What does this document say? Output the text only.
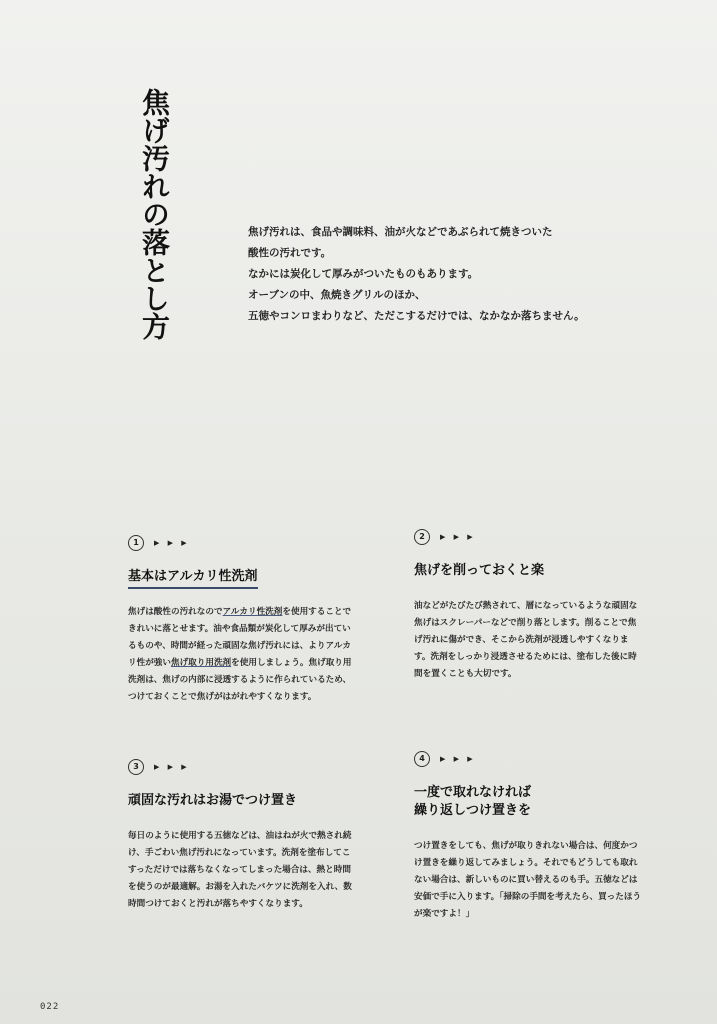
焦げ汚れの落とし方	焦げ汚れは、食品や調味料、油が火などであぶられて焼きついた

酸性の汚れです。

なかには炭化して厚みがついたものもあります。

オーブンの中、魚焼きグリルのほか、

五徳やコンロまわりなど、ただこするだけでは、なかなか落ちません。

1	▶ ▶ ▶
基本はアルカリ性洗剤

焦げは酸性の汚れなのでアルカリ性洗剤を使用することできれいに落とせます。油や食品類が炭化して厚みが出ているものや、時間が経った頑固な焦げ汚れには、よりアルカリ性が強い焦げ取り用洗剤を使用しましょう。焦げ取り用洗剤は、焦げの内部に浸透するように作られているため、つけておくことで焦げがはがれやすくなります。

2	▶ ▶ ▶
焦げを削っておくと楽

油などがたびたび熱されて、層になっているような頑固な焦げはスクレーパーなどで削り落とします。削ることで焦げ汚れに傷ができ、そこから洗剤が浸透しやすくなります。洗剤をしっかり浸透させるためには、塗布した後に時間を置くことも大切です。

3	▶ ▶ ▶
頑固な汚れはお湯でつけ置き

毎日のように使用する五徳などは、油はねが火で熱され続け、手ごわい焦げ汚れになっています。洗剤を塗布してこすっただけでは落ちなくなってしまった場合は、熱と時間を使うのが最適解。お湯を入れたバケツに洗剤を入れ、数時間つけておくと汚れが落ちやすくなります。

4	▶ ▶ ▶
一度で取れなければ
繰り返しつけ置きを

つけ置きをしても、焦げが取りきれない場合は、何度かつけ置きを繰り返してみましょう。それでもどうしても取れない場合は、新しいものに買い替えるのも手。五徳などは安価で手に入ります。「掃除の手間を考えたら、買ったほうが楽ですよ！」

022
